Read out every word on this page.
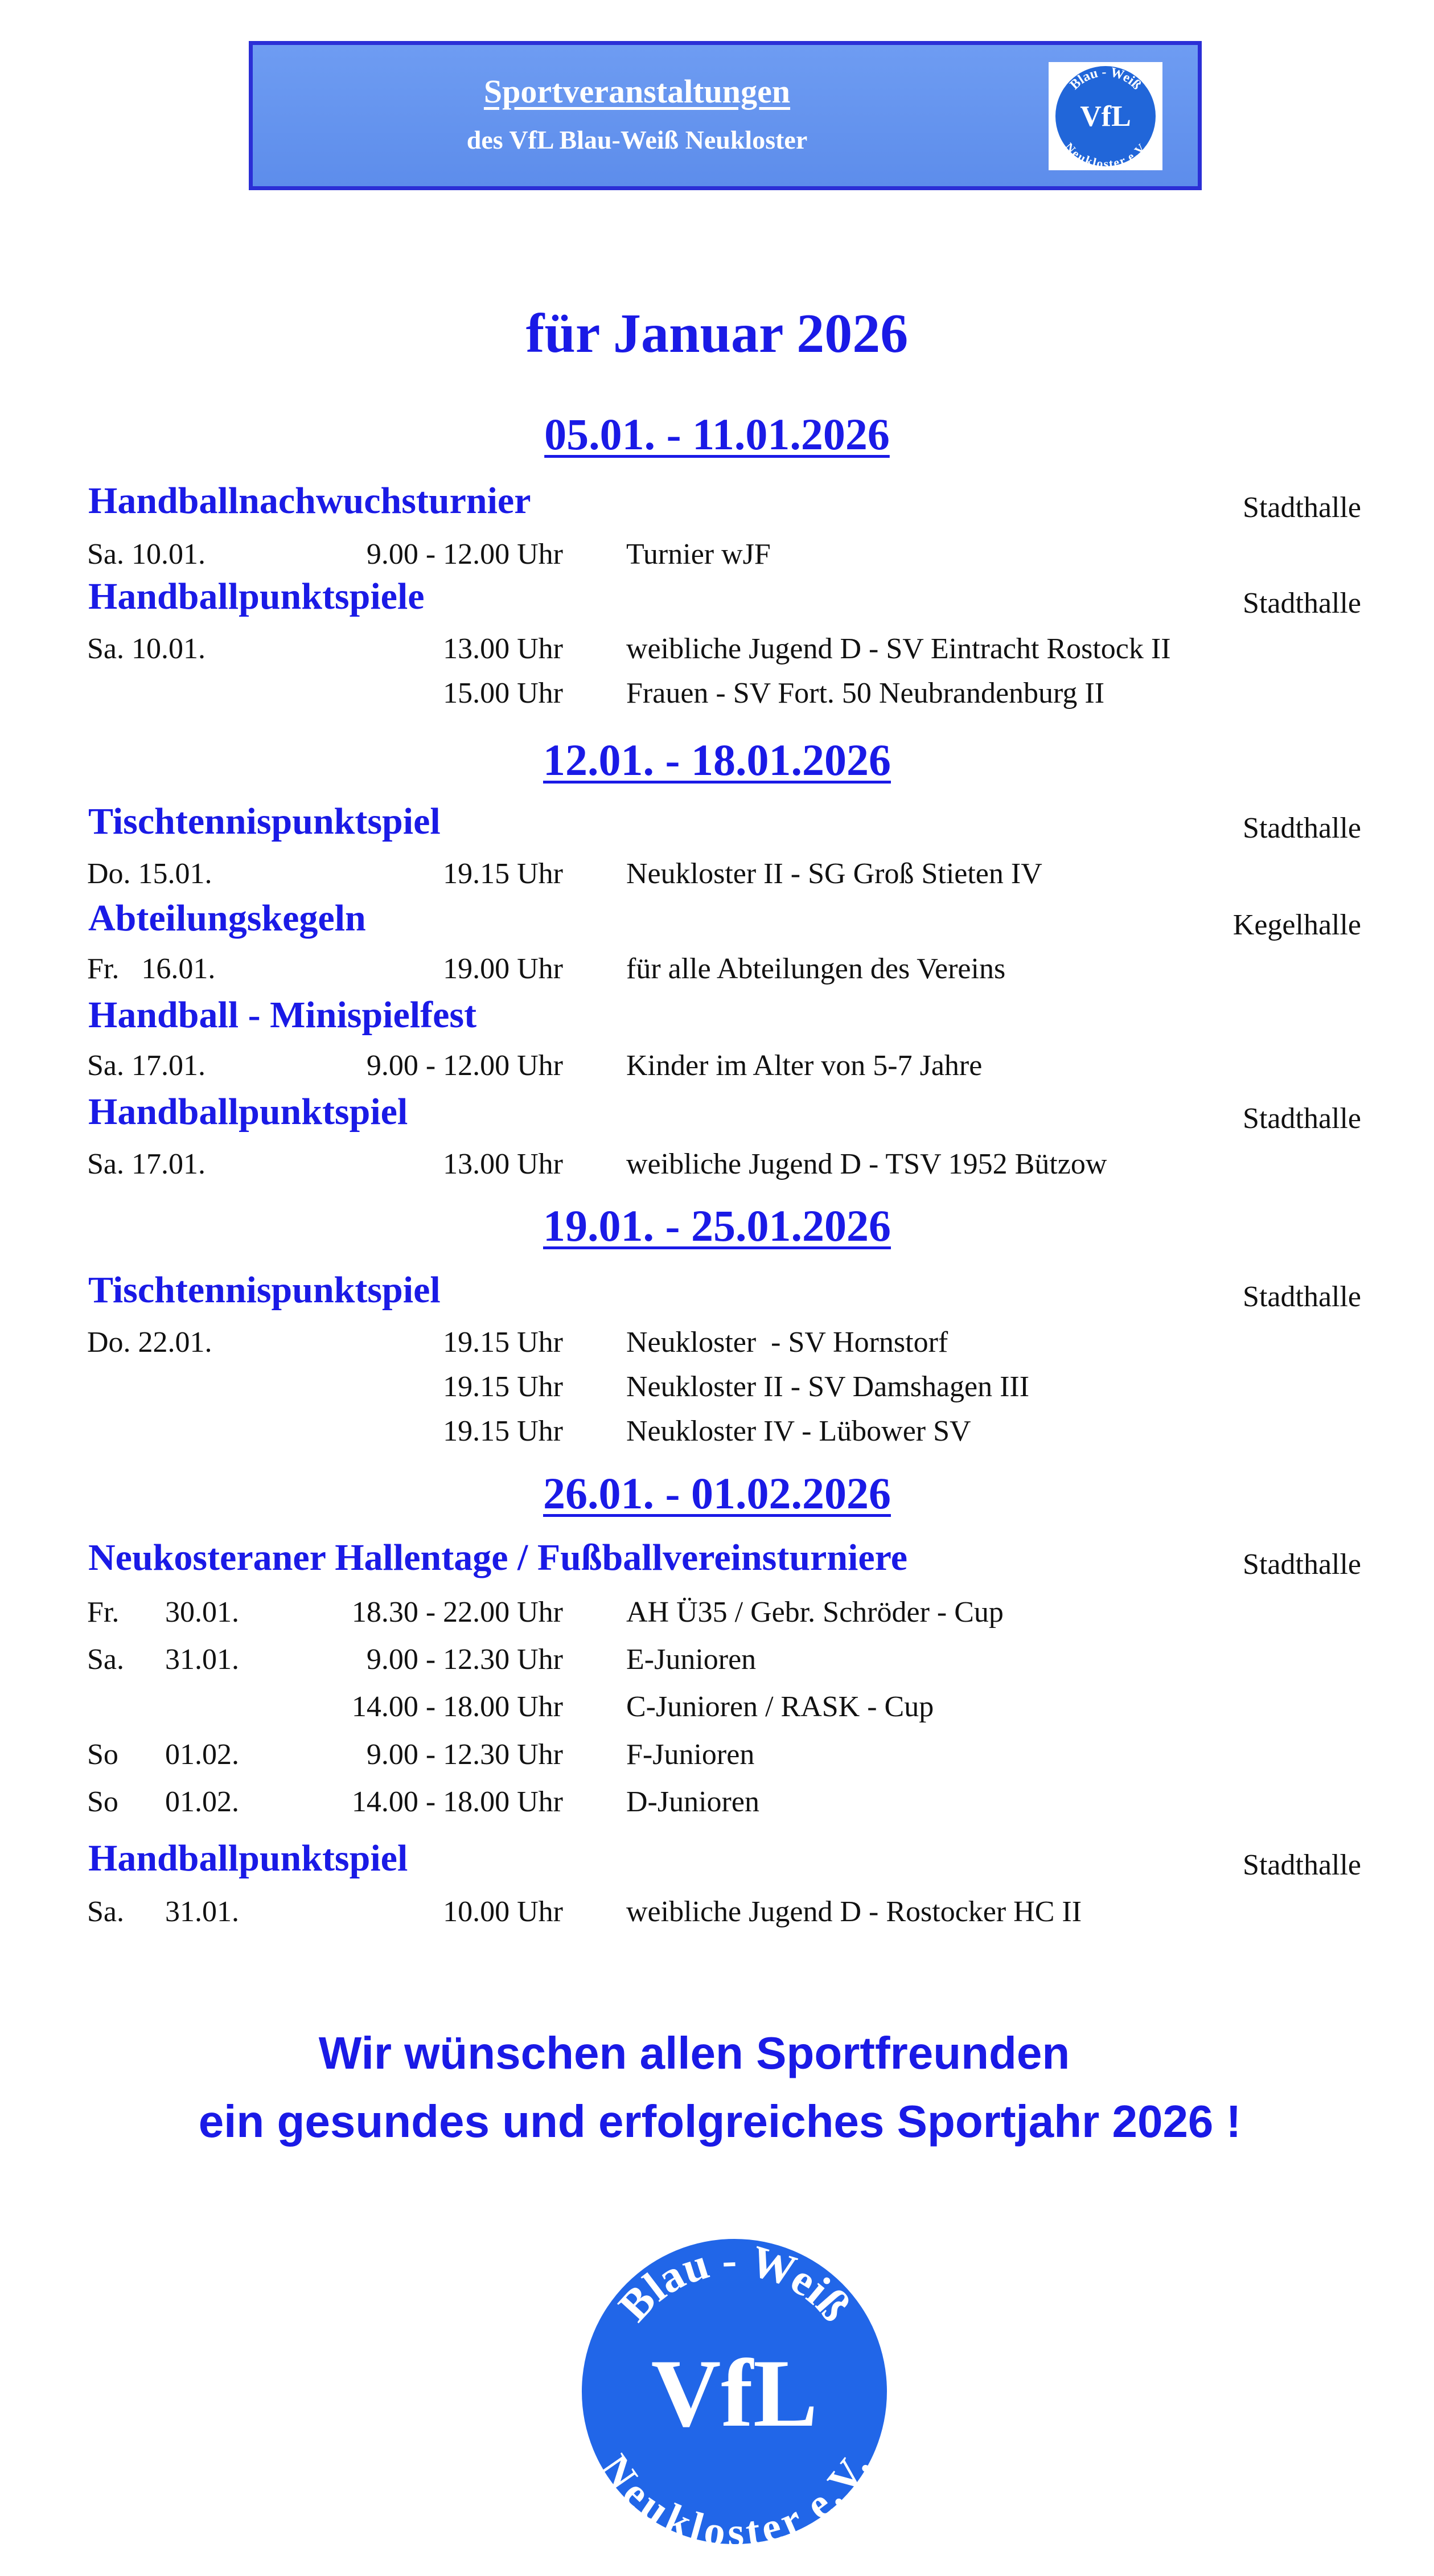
Sportveranstaltungen
des VfL Blau-Weiß Neukloster
Blau - Weiß
VfL
Neukloster e.V.
für Januar 2026
05.01. - 11.01.2026
Handballnachwuchsturnier	Stadthalle
Sa. 10.01.	9.00 - 12.00 Uhr Turnier wJF
Handballpunktspiele	Stadthalle
Sa. 10.01.	13.00 Uhr weibliche Jugend D - SV Eintracht Rostock II
15.00 Uhr Frauen - SV Fort. 50 Neubrandenburg II
12.01. - 18.01.2026
Tischtennispunktspiel	Stadthalle
Do. 15.01.	19.15 Uhr Neukloster II - SG Groß Stieten IV
Abteilungskegeln	Kegelhalle
Fr.   16.01.	19.00 Uhr für alle Abteilungen des Vereins
Handball - Minispielfest
Sa. 17.01.	9.00 - 12.00 Uhr Kinder im Alter von 5-7 Jahre
Handballpunktspiel	Stadthalle
Sa. 17.01.	13.00 Uhr weibliche Jugend D - TSV 1952 Bützow
19.01. - 25.01.2026
Tischtennispunktspiel	Stadthalle
Do. 22.01.	19.15 Uhr Neukloster  - SV Hornstorf
19.15 Uhr Neukloster II - SV Damshagen III
19.15 Uhr Neukloster IV - Lübower SV
26.01. - 01.02.2026
Neukosteraner Hallentage / Fußballvereinsturniere	Stadthalle
Fr. 30.01.	18.30 - 22.00 Uhr AH Ü35 / Gebr. Schröder - Cup
Sa. 31.01.	9.00 - 12.30 Uhr E-Junioren
14.00 - 18.00 Uhr C-Junioren / RASK - Cup
So 01.02.	9.00 - 12.30 Uhr F-Junioren
So 01.02.	14.00 - 18.00 Uhr D-Junioren
Handballpunktspiel	Stadthalle
Sa. 31.01.	10.00 Uhr weibliche Jugend D - Rostocker HC II
Wir wünschen allen Sportfreunden
ein gesundes und erfolgreiches Sportjahr 2026 !
Blau - Weiß
VfL
Neukloster e.V.
